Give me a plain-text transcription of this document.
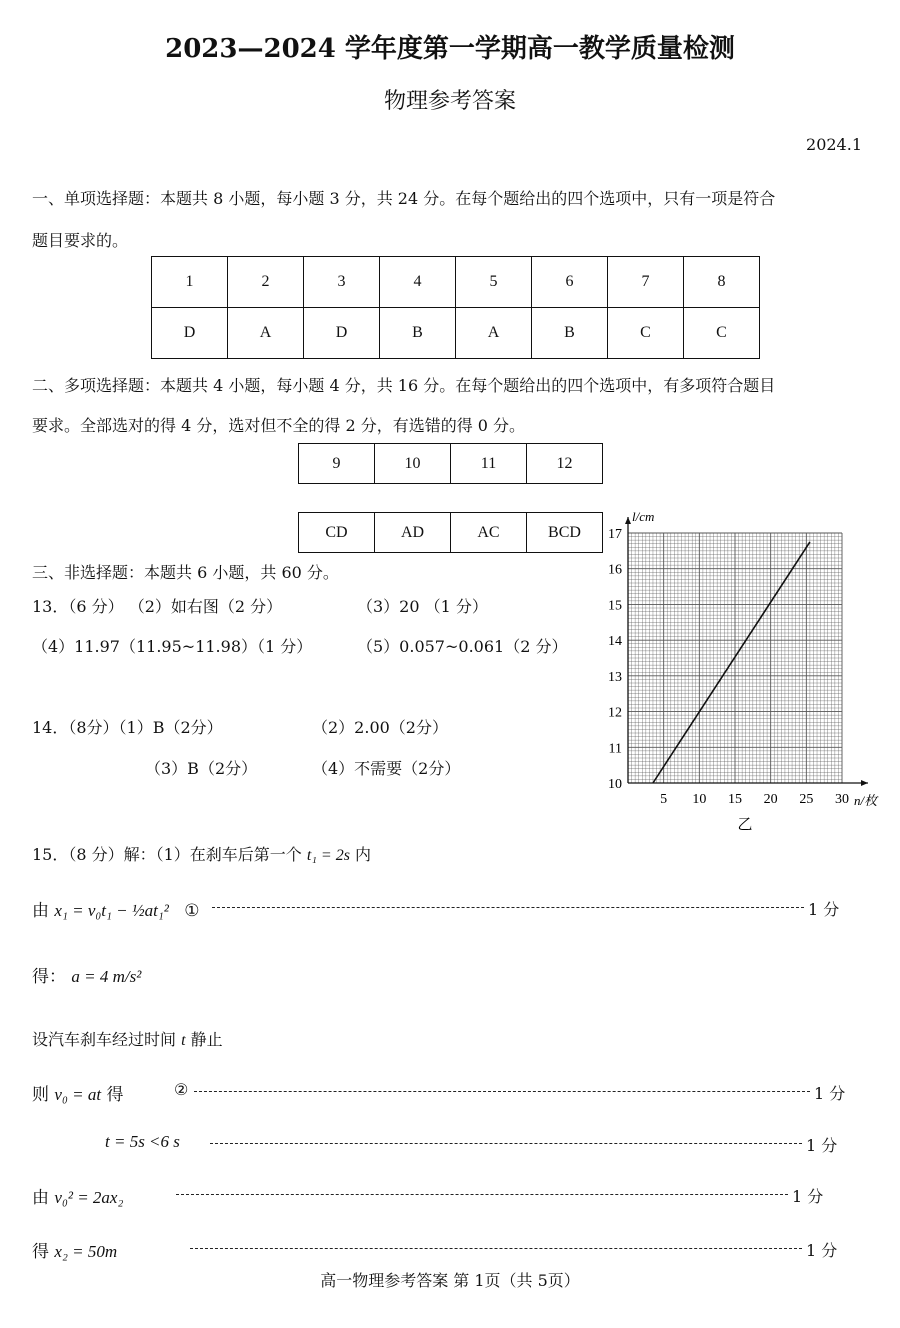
2023—2024 学年度第一学期高一教学质量检测
物理参考答案
2024.1
一、单项选择题：本题共 8 小题，每小题 3 分，共 24 分。在每个题给出的四个选项中，只有一项是符合
题目要求的。
1	2	3	4	5	6	7	8
D	A	D	B	A	B	C	C
二、多项选择题：本题共 4 小题，每小题 4 分，共 16 分。在每个题给出的四个选项中，有多项符合题目
要求。全部选对的得 4 分，选对但不全的得 2 分，有选错的得 0 分。
9	10	11	12
CD	AD	AC	BCD
三、非选择题：本题共 6 小题，共 60 分。
13．（6 分） （2）如右图（2 分）	（3）20 （1 分）
（4）11.97（11.95~11.98）（1 分）	（5）0.057~0.061（2 分）
14．（8分）（1）B（2分）	（2）2.00（2分）
（3）B（2分）	（4）不需要（2分）
5 10 15 20 25 30
10
11
12
13
14
15
16
17
l/cm
n/枚
乙
15．（8 分）解：（1）在刹车后第一个 t₁ = 2s 内
由 x₁ = v₀t₁ − ½at₁² ①	1 分
得： a = 4 m/s²
设汽车刹车经过时间 t 静止
则 v₀ = at 得	②	1 分
t = 5s <6 s	1 分
由 v₀² = 2ax₂	1 分
得 x₂ = 50m	1 分
高一物理参考答案 第 1页（共 5页）
